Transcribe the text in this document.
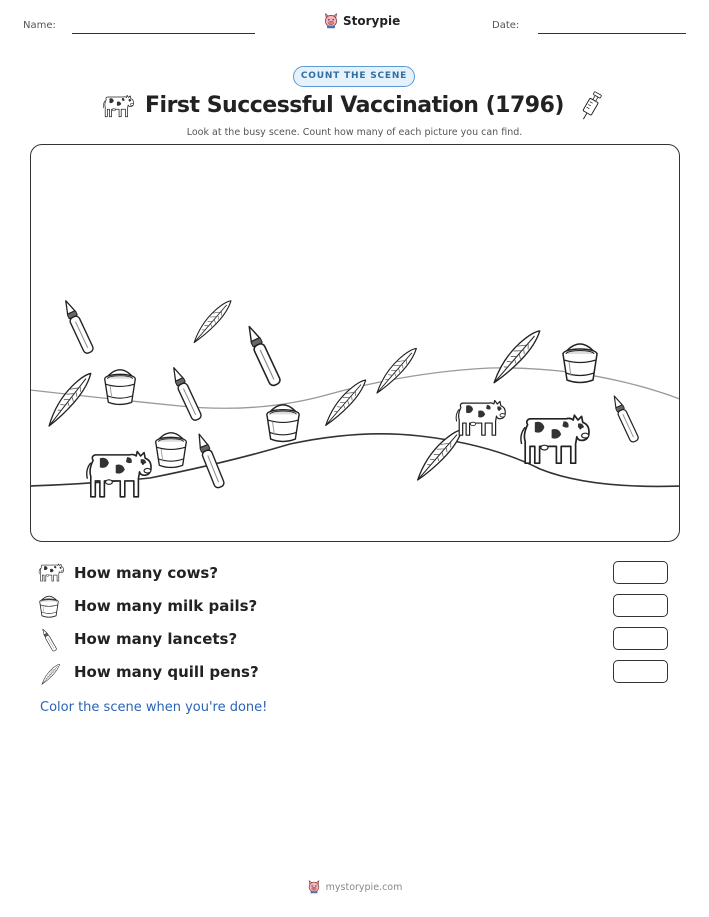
Name:	Storypie	Date:
COUNT THE SCENE
First Successful Vaccination (1796)
Look at the busy scene. Count how many of each picture you can find.
How many cows?
How many milk pails?
How many lancets?
How many quill pens?
Color the scene when you're done!
mystorypie.com
